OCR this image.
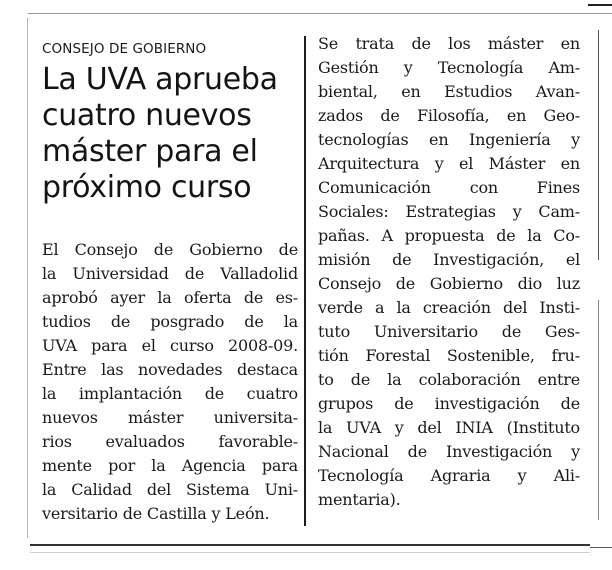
CONSEJO DE GOBIERNO
La UVA aprueba
cuatro nuevos
máster para el
próximo curso

El Consejo de Gobierno de
la Universidad de Valladolid
aprobó ayer la oferta de es-
tudios de posgrado de la
UVA para el curso 2008-09.
Entre las novedades destaca
la implantación de cuatro
nuevos máster universita-
rios evaluados favorable-
mente por la Agencia para
la Calidad del Sistema Uni-
versitario de Castilla y León.

Se trata de los máster en
Gestión y Tecnología Am-
biental, en Estudios Avan-
zados de Filosofía, en Geo-
tecnologías en Ingeniería y
Arquitectura y el Máster en
Comunicación con Fines
Sociales: Estrategias y Cam-
pañas. A propuesta de la Co-
misión de Investigación, el
Consejo de Gobierno dio luz
verde a la creación del Insti-
tuto Universitario de Ges-
tión Forestal Sostenible, fru-
to de la colaboración entre
grupos de investigación de
la UVA y del INIA (Instituto
Nacional de Investigación y
Tecnología Agraria y Ali-
mentaria).
